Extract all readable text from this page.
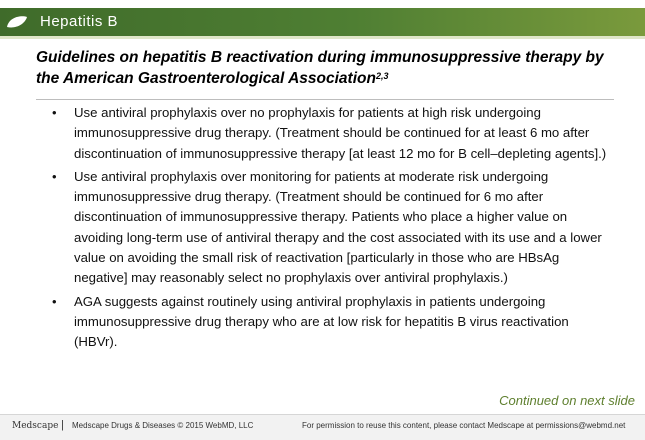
Hepatitis B
Guidelines on hepatitis B reactivation during immunosuppressive therapy by the American Gastroenterological Association$^{2,3}$
• Use antiviral prophylaxis over no prophylaxis for patients at high risk undergoing immunosuppressive drug therapy. (Treatment should be continued for at least 6 mo after discontinuation of immunosuppressive therapy [at least 12 mo for B cell–depleting agents].)
• Use antiviral prophylaxis over monitoring for patients at moderate risk undergoing immunosuppressive drug therapy. (Treatment should be continued for 6 mo after discontinuation of immunosuppressive therapy. Patients who place a higher value on avoiding long-term use of antiviral therapy and the cost associated with its use and a lower value on avoiding the small risk of reactivation [particularly in those who are HBsAg negative] may reasonably select no prophylaxis over antiviral prophylaxis.)
• AGA suggests against routinely using antiviral prophylaxis in patients undergoing immunosuppressive drug therapy who are at low risk for hepatitis B virus reactivation (HBVr).
Continued on next slide
Medscape | Medscape Drugs & Diseases © 2015 WebMD, LLC	For permission to reuse this content, please contact Medscape at permissions@webmd.net
